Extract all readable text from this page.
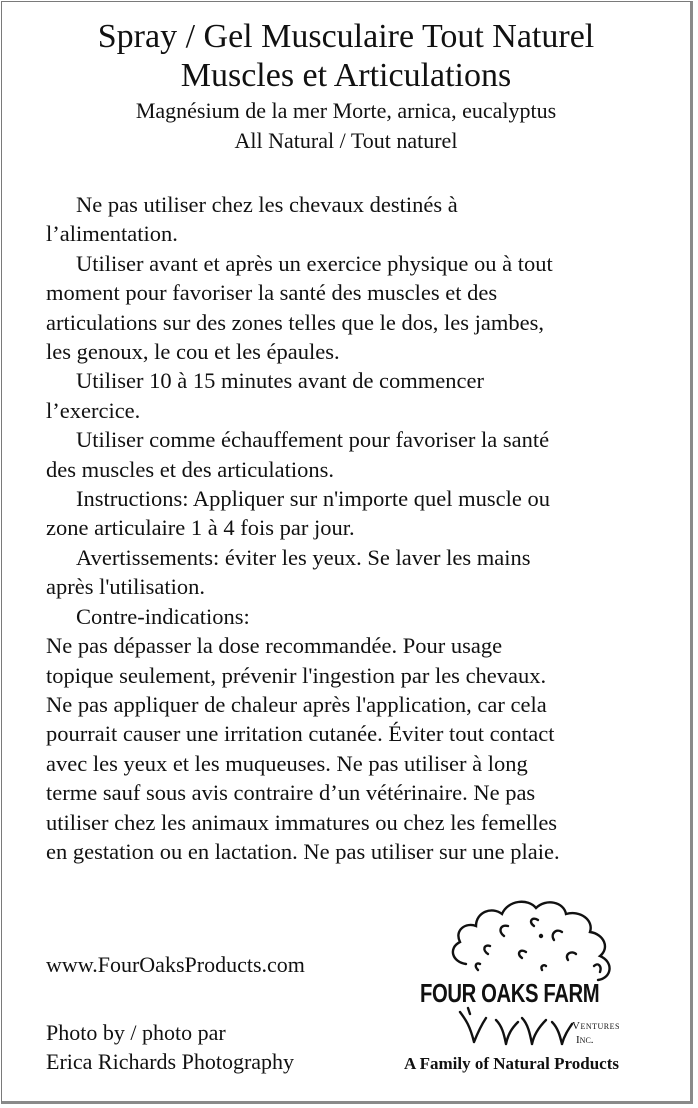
Spray / Gel Musculaire Tout Naturel
Muscles et Articulations
Magnésium de la mer Morte, arnica, eucalyptus
All Natural / Tout naturel
Ne pas utiliser chez les chevaux destinés à
l’alimentation.
Utiliser avant et après un exercice physique ou à tout
moment pour favoriser la santé des muscles et des
articulations sur des zones telles que le dos, les jambes,
les genoux, le cou et les épaules.
Utiliser 10 à 15 minutes avant de commencer
l’exercice.
Utiliser comme échauffement pour favoriser la santé
des muscles et des articulations.
Instructions: Appliquer sur n'importe quel muscle ou
zone articulaire 1 à 4 fois par jour.
Avertissements: éviter les yeux. Se laver les mains
après l'utilisation.
Contre-indications:
Ne pas dépasser la dose recommandée. Pour usage
topique seulement, prévenir l'ingestion par les chevaux.
Ne pas appliquer de chaleur après l'application, car cela
pourrait causer une irritation cutanée. Éviter tout contact
avec les yeux et les muqueuses. Ne pas utiliser à long
terme sauf sous avis contraire d’un vétérinaire. Ne pas
utiliser chez les animaux immatures ou chez les femelles
en gestation ou en lactation. Ne pas utiliser sur une plaie.
www.FourOaksProducts.com
Photo by / photo par
Erica Richards Photography
FOUR OAKS FARM
Ventures
Inc.
A Family of Natural Products
